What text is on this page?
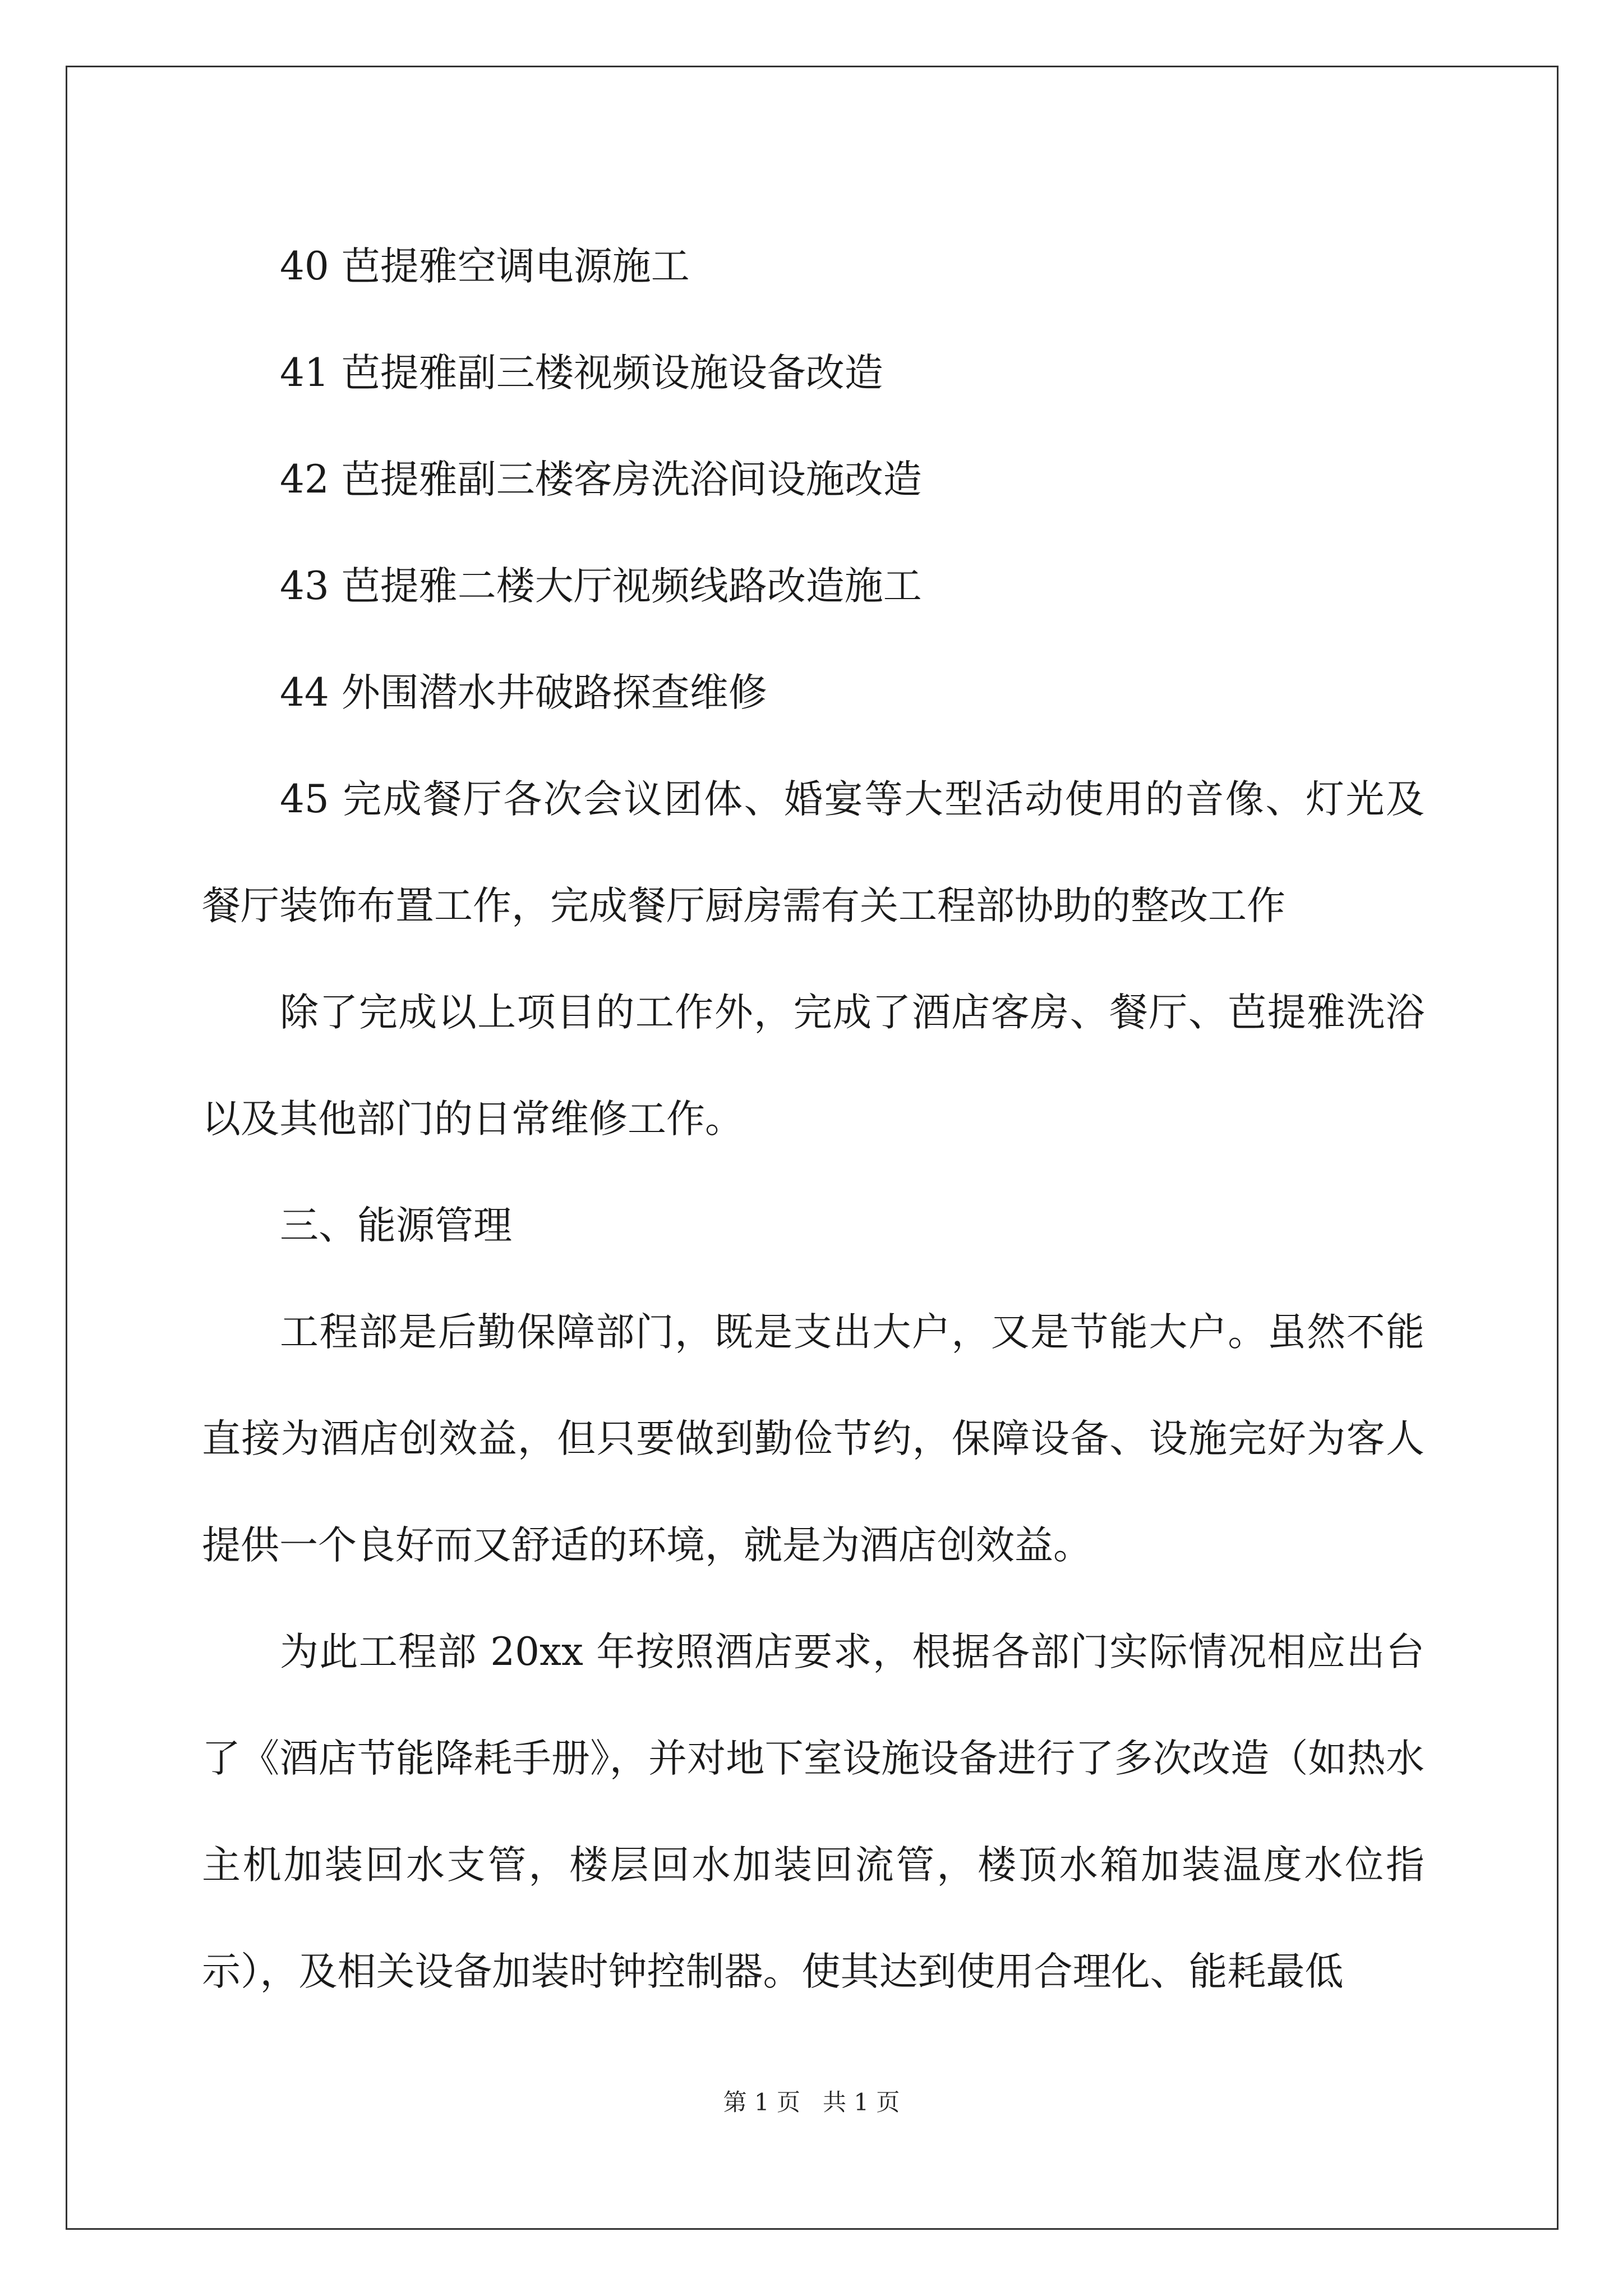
40 芭提雅空调电源施工

41 芭提雅副三楼视频设施设备改造

42 芭提雅副三楼客房洗浴间设施改造

43 芭提雅二楼大厅视频线路改造施工

44 外围潜水井破路探查维修

45 完成餐厅各次会议团体、婚宴等大型活动使用的音像、灯光及餐厅装饰布置工作，完成餐厅厨房需有关工程部协助的整改工作

除了完成以上项目的工作外，完成了酒店客房、餐厅、芭提雅洗浴以及其他部门的日常维修工作。

三、能源管理

工程部是后勤保障部门，既是支出大户，又是节能大户。虽然不能直接为酒店创效益，但只要做到勤俭节约，保障设备、设施完好为客人提供一个良好而又舒适的环境，就是为酒店创效益。

为此工程部 20xx 年按照酒店要求，根据各部门实际情况相应出台了《酒店节能降耗手册》，并对地下室设施设备进行了多次改造（如热水主机加装回水支管，楼层回水加装回流管，楼顶水箱加装温度水位指示），及相关设备加装时钟控制器。使其达到使用合理化、能耗最低

第 1 页 共 1 页
